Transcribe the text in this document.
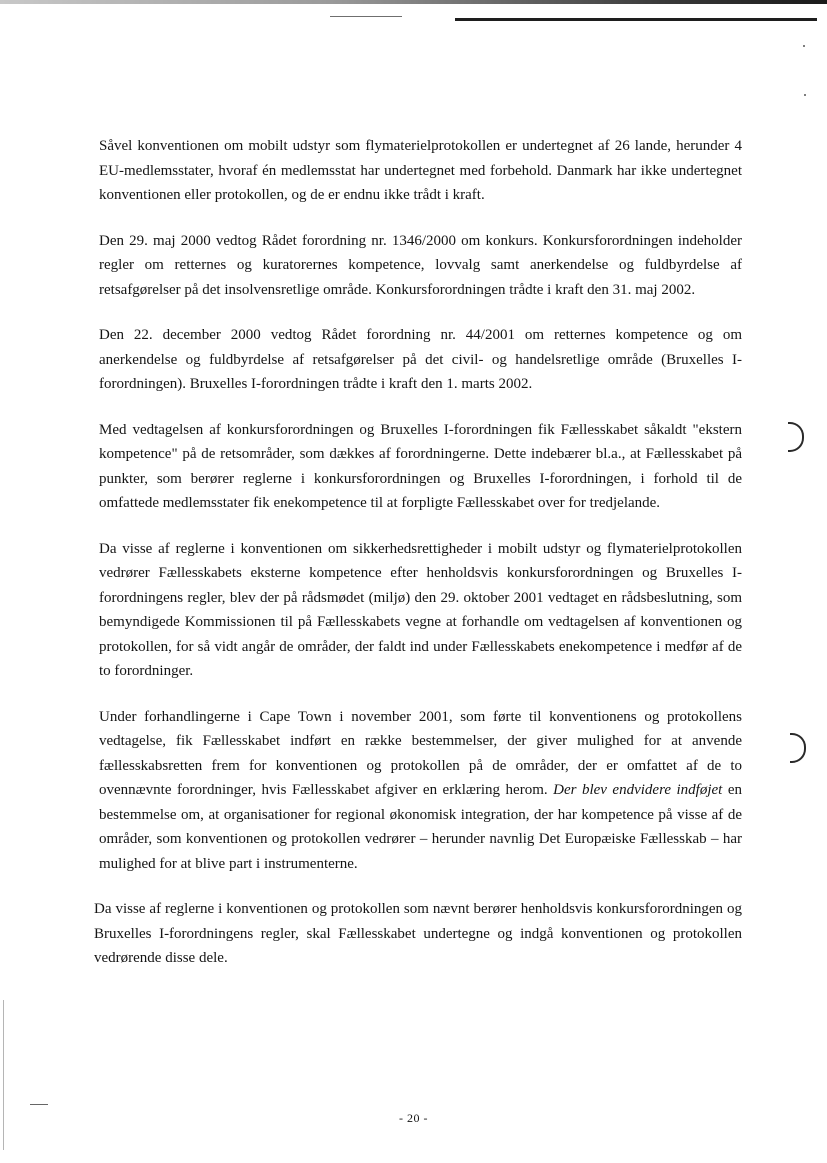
Såvel konventionen om mobilt udstyr som flymaterielprotokollen er undertegnet af 26 lande, herunder 4 EU-medlemsstater, hvoraf én medlemsstat har undertegnet med forbehold. Danmark har ikke undertegnet konventionen eller protokollen, og de er endnu ikke trådt i kraft.

Den 29. maj 2000 vedtog Rådet forordning nr. 1346/2000 om konkurs. Konkursforordningen indeholder regler om retternes og kuratorernes kompetence, lovvalg samt anerkendelse og fuldbyrdelse af retsafgørelser på det insolvensretlige område. Konkursforordningen trådte i kraft den 31. maj 2002.

Den 22. december 2000 vedtog Rådet forordning nr. 44/2001 om retternes kompetence og om anerkendelse og fuldbyrdelse af retsafgørelser på det civil- og handelsretlige område (Bruxelles I-forordningen). Bruxelles I-forordningen trådte i kraft den 1. marts 2002.

Med vedtagelsen af konkursforordningen og Bruxelles I-forordningen fik Fællesskabet såkaldt "ekstern kompetence" på de retsområder, som dækkes af forordningerne. Dette indebærer bl.a., at Fællesskabet på punkter, som berører reglerne i konkursforordningen og Bruxelles I-forordningen, i forhold til de omfattede medlemsstater fik enekompetence til at forpligte Fællesskabet over for tredjelande.

Da visse af reglerne i konventionen om sikkerhedsrettigheder i mobilt udstyr og flymaterielprotokollen vedrører Fællesskabets eksterne kompetence efter henholdsvis konkursforordningen og Bruxelles I-forordningens regler, blev der på rådsmødet (miljø) den 29. oktober 2001 vedtaget en rådsbeslutning, som bemyndigede Kommissionen til på Fællesskabets vegne at forhandle om vedtagelsen af konventionen og protokollen, for så vidt angår de områder, der faldt ind under Fællesskabets enekompetence i medfør af de to forordninger.

Under forhandlingerne i Cape Town i november 2001, som førte til konventionens og protokollens vedtagelse, fik Fællesskabet indført en række bestemmelser, der giver mulighed for at anvende fællesskabsretten frem for konventionen og protokollen på de områder, der er omfattet af de to ovennævnte forordninger, hvis Fællesskabet afgiver en erklæring herom. Der blev endvidere indføjet en bestemmelse om, at organisationer for regional økonomisk integration, der har kompetence på visse af de områder, som konventionen og protokollen vedrører – herunder navnlig Det Europæiske Fællesskab – har mulighed for at blive part i instrumenterne.

Da visse af reglerne i konventionen og protokollen som nævnt berører henholdsvis konkursforordningen og Bruxelles I-forordningens regler, skal Fællesskabet undertegne og indgå konventionen og protokollen vedrørende disse dele.

- 20 -
